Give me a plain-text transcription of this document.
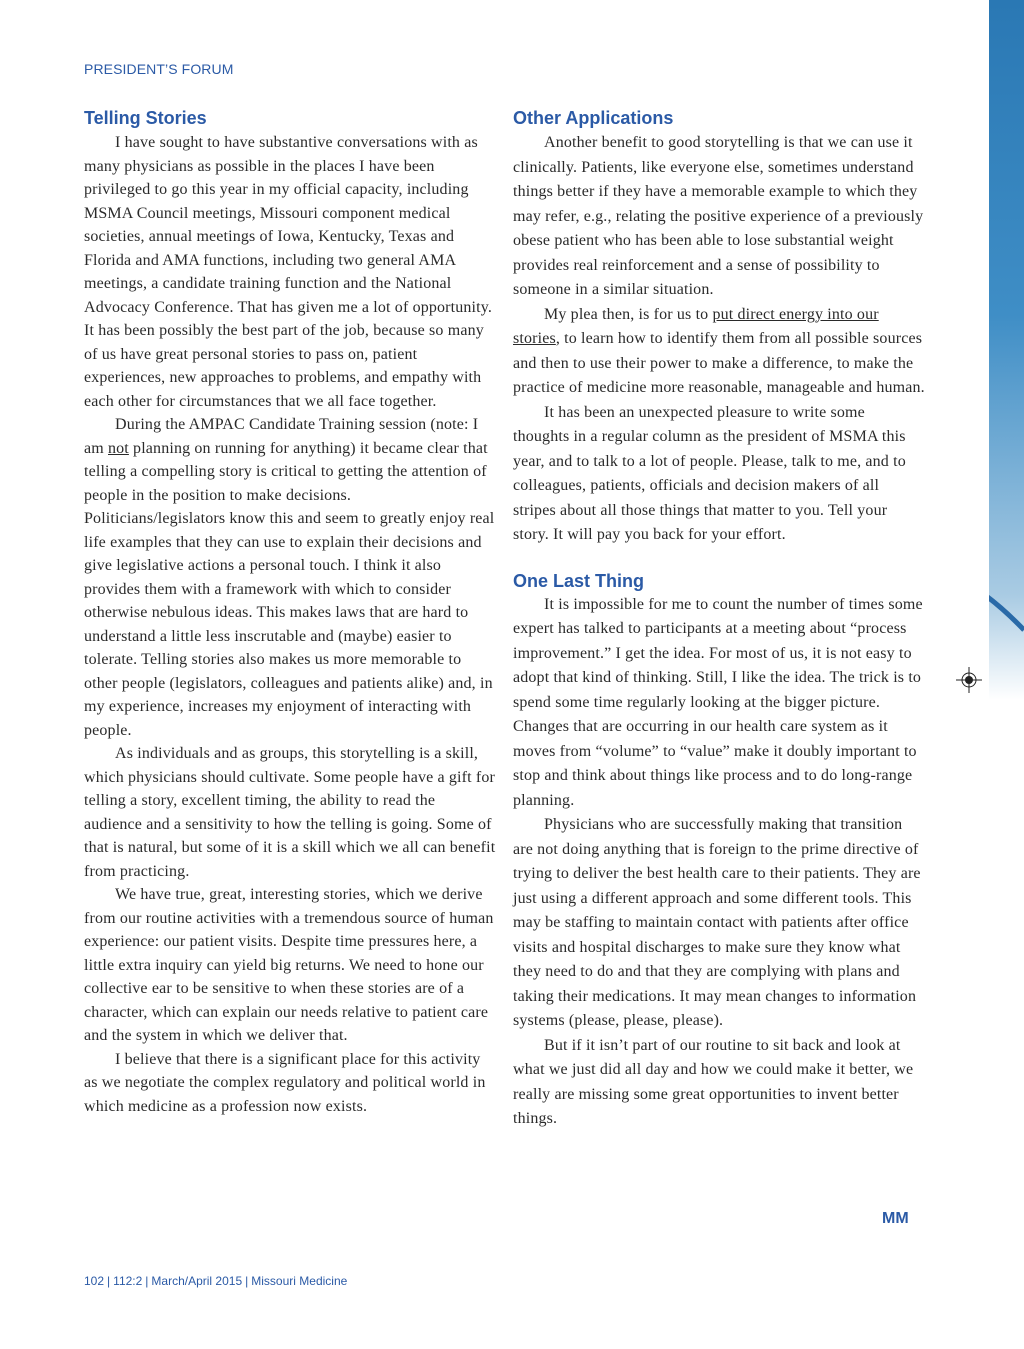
PRESIDENT’S FORUM
Telling Stories

I have sought to have substantive conversations with as many physicians as possible in the places I have been privileged to go this year in my official capacity, including MSMA Council meetings, Missouri component medical societies, annual meetings of Iowa, Kentucky, Texas and Florida and AMA functions, including two general AMA meetings, a candidate training function and the National Advocacy Conference. That has given me a lot of opportunity.

It has been possibly the best part of the job, because so many of us have great personal stories to pass on, patient experiences, new approaches to problems, and empathy with each other for circumstances that we all face together.

During the AMPAC Candidate Training session (note: I am not planning on running for anything) it became clear that telling a compelling story is critical to getting the attention of people in the position to make decisions. Politicians/legislators know this and seem to greatly enjoy real life examples that they can use to explain their decisions and give legislative actions a personal touch. I think it also provides them with a framework with which to consider otherwise nebulous ideas. This makes laws that are hard to understand a little less inscrutable and (maybe) easier to tolerate. Telling stories also makes us more memorable to other people (legislators, colleagues and patients alike) and, in my experience, increases my enjoyment of interacting with people.

As individuals and as groups, this storytelling is a skill, which physicians should cultivate. Some people have a gift for telling a story, excellent timing, the ability to read the audience and a sensitivity to how the telling is going. Some of that is natural, but some of it is a skill which we all can benefit from practicing.

We have true, great, interesting stories, which we derive from our routine activities with a tremendous source of human experience: our patient visits. Despite time pressures here, a little extra inquiry can yield big returns. We need to hone our collective ear to be sensitive to when these stories are of a character, which can explain our needs relative to patient care and the system in which we deliver that.

I believe that there is a significant place for this activity as we negotiate the complex regulatory and political world in which medicine as a profession now exists.

Other Applications

Another benefit to good storytelling is that we can use it clinically. Patients, like everyone else, sometimes understand things better if they have a memorable example to which they may refer, e.g., relating the positive experience of a previously obese patient who has been able to lose substantial weight provides real reinforcement and a sense of possibility to someone in a similar situation.

My plea then, is for us to put direct energy into our stories, to learn how to identify them from all possible sources and then to use their power to make a difference, to make the practice of medicine more reasonable, manageable and human.

It has been an unexpected pleasure to write some thoughts in a regular column as the president of MSMA this year, and to talk to a lot of people. Please, talk to me, and to colleagues, patients, officials and decision makers of all stripes about all those things that matter to you. Tell your story. It will pay you back for your effort.

One Last Thing

It is impossible for me to count the number of times some expert has talked to participants at a meeting about “process improvement.” I get the idea. For most of us, it is not easy to adopt that kind of thinking. Still, I like the idea. The trick is to spend some time regularly looking at the bigger picture. Changes that are occurring in our health care system as it moves from “volume” to “value” make it doubly important to stop and think about things like process and to do long-range planning.

Physicians who are successfully making that transition are not doing anything that is foreign to the prime directive of trying to deliver the best health care to their patients. They are just using a different approach and some different tools. This may be staffing to maintain contact with patients after office visits and hospital discharges to make sure they know what they need to do and that they are complying with plans and taking their medications. It may mean changes to information systems (please, please, please).

But if it isn’t part of our routine to sit back and look at what we just did all day and how we could make it better, we really are missing some great opportunities to invent better things.

MM
102 | 112:2 | March/April 2015 | Missouri Medicine
